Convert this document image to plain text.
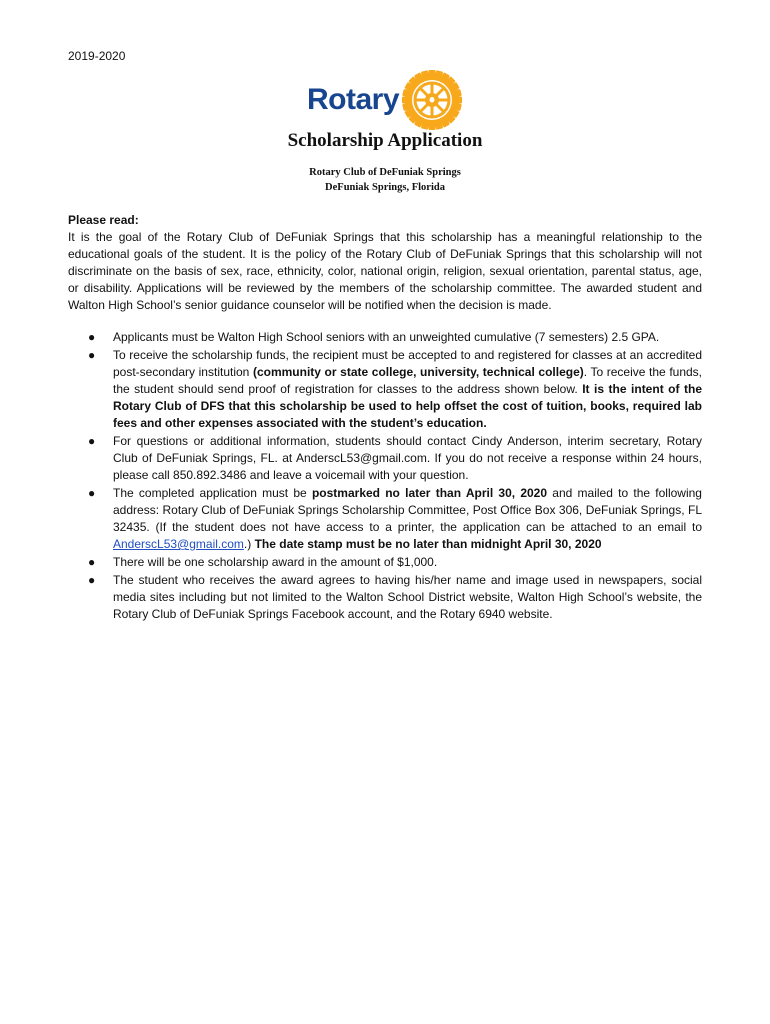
2019-2020
Rotary
Scholarship Application
Rotary Club of DeFuniak Springs
DeFuniak Springs, Florida

Please read:

It is the goal of the Rotary Club of DeFuniak Springs that this scholarship has a meaningful relationship to the educational goals of the student. It is the policy of the Rotary Club of DeFuniak Springs that this scholarship will not discriminate on the basis of sex, race, ethnicity, color, national origin, religion, sexual orientation, parental status, age, or disability. Applications will be reviewed by the members of the scholarship committee. The awarded student and Walton High School’s senior guidance counselor will be notified when the decision is made.

● Applicants must be Walton High School seniors with an unweighted cumulative (7 semesters) 2.5 GPA.
● To receive the scholarship funds, the recipient must be accepted to and registered for classes at an accredited post-secondary institution (community or state college, university, technical college). To receive the funds, the student should send proof of registration for classes to the address shown below. It is the intent of the Rotary Club of DFS that this scholarship be used to help offset the cost of tuition, books, required lab fees and other expenses associated with the student’s education.
● For questions or additional information, students should contact Cindy Anderson, interim secretary, Rotary Club of DeFuniak Springs, FL. at AnderscL53@gmail.com. If you do not receive a response within 24 hours, please call 850.892.3486 and leave a voicemail with your question.
● The completed application must be postmarked no later than April 30, 2020 and mailed to the following address: Rotary Club of DeFuniak Springs Scholarship Committee, Post Office Box 306, DeFuniak Springs, FL 32435. (If the student does not have access to a printer, the application can be attached to an email to AnderscL53@gmail.com.) The date stamp must be no later than midnight April 30, 2020
● There will be one scholarship award in the amount of $1,000.
● The student who receives the award agrees to having his/her name and image used in newspapers, social media sites including but not limited to the Walton School District website, Walton High School’s website, the Rotary Club of DeFuniak Springs Facebook account, and the Rotary 6940 website.
